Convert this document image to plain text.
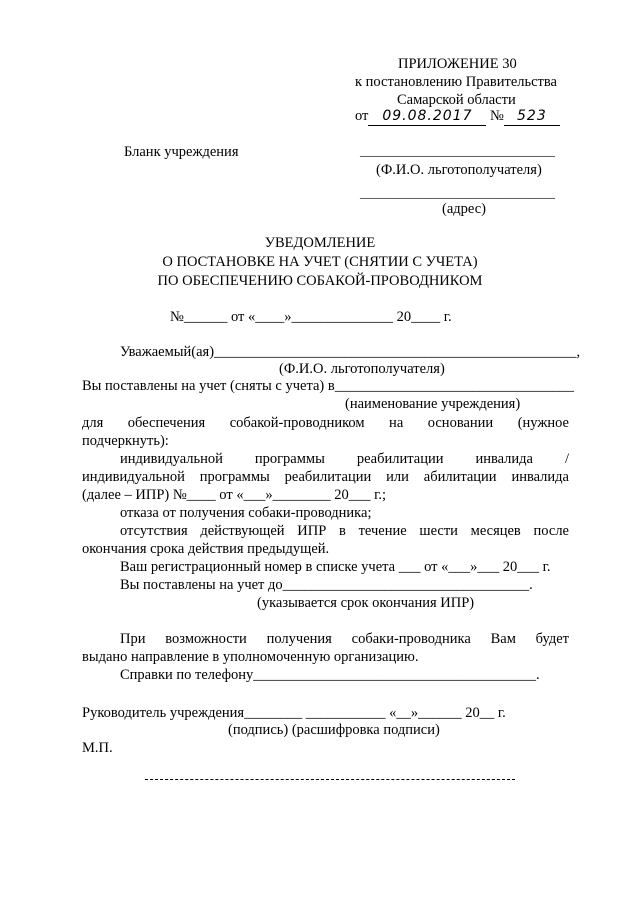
ПРИЛОЖЕНИЕ 30
к постановлению Правительства
Самарской области
от 09.08.2017 № 523
Бланк учреждения	______________________________
(Ф.И.О. льготополучателя)
______________________________
(адрес)
УВЕДОМЛЕНИЕ
О ПОСТАНОВКЕ НА УЧЕТ (СНЯТИИ С УЧЕТА)
ПО ОБЕСПЕЧЕНИЮ СОБАКОЙ-ПРОВОДНИКОМ
№______ от «____»______________ 20____ г.
Уважаемый(ая)__________________________________________________,
(Ф.И.О. льготополучателя)
Вы поставлены на учет (сняты с учета) в_________________________________
(наименование учреждения)
для обеспечения собакой-проводником на основании (нужное
подчеркнуть):
индивидуальной программы реабилитации инвалида /
индивидуальной программы реабилитации или абилитации инвалида
(далее – ИПР) №____ от «___»________ 20___ г.;
отказа от получения собаки-проводника;
отсутствия действующей ИПР в течение шести месяцев после
окончания срока действия предыдущей.
Ваш регистрационный номер в списке учета ___ от «___»___ 20___ г.
Вы поставлены на учет до__________________________________.
(указывается срок окончания ИПР)
При возможности получения собаки-проводника Вам будет
выдано направление в уполномоченную организацию.
Справки по телефону_______________________________________.
Руководитель учреждения________ ___________ «__»______ 20__ г.
(подпись) (расшифровка подписи)
М.П.
